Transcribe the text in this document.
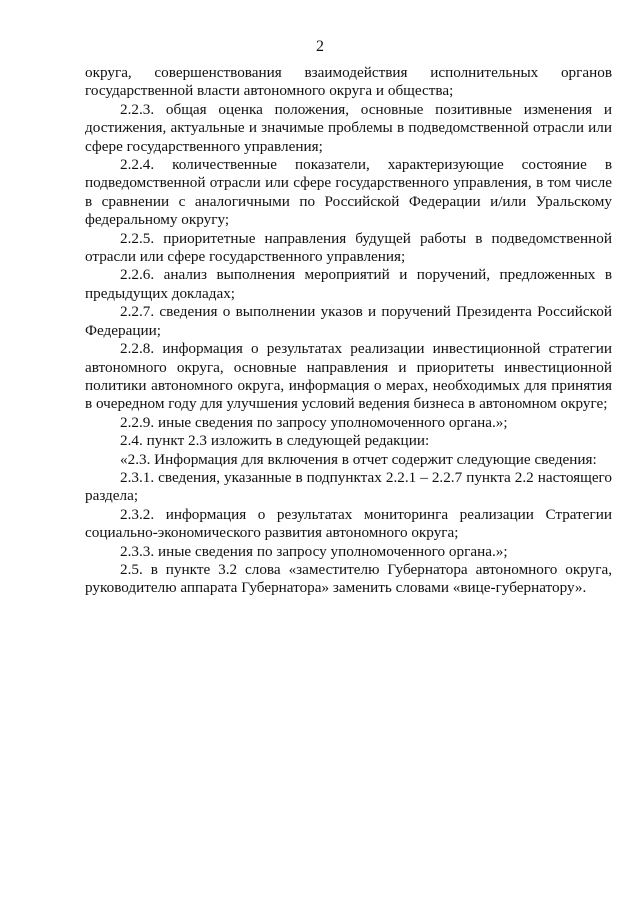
2

округа, совершенствования взаимодействия исполнительных органов государственной власти автономного округа и общества;

2.2.3. общая оценка положения, основные позитивные изменения и достижения, актуальные и значимые проблемы в подведомственной отрасли или сфере государственного управления;

2.2.4. количественные показатели, характеризующие состояние в подведомственной отрасли или сфере государственного управления, в том числе в сравнении с аналогичными по Российской Федерации и/или Уральскому федеральному округу;

2.2.5. приоритетные направления будущей работы в подведомственной отрасли или сфере государственного управления;

2.2.6. анализ выполнения мероприятий и поручений, предложенных в предыдущих докладах;

2.2.7. сведения о выполнении указов и поручений Президента Российской Федерации;

2.2.8. информация о результатах реализации инвестиционной стратегии автономного округа, основные направления и приоритеты инвестиционной политики автономного округа, информация о мерах, необходимых для принятия в очередном году для улучшения условий ведения бизнеса в автономном округе;

2.2.9. иные сведения по запросу уполномоченного органа.»;

2.4. пункт 2.3 изложить в следующей редакции:

«2.3. Информация для включения в отчет содержит следующие сведения:

2.3.1. сведения, указанные в подпунктах 2.2.1 – 2.2.7 пункта 2.2 настоящего раздела;

2.3.2. информация о результатах мониторинга реализации Стратегии социально-экономического развития автономного округа;

2.3.3. иные сведения по запросу уполномоченного органа.»;

2.5. в пункте 3.2 слова «заместителю Губернатора автономного округа, руководителю аппарата Губернатора» заменить словами «вице-губернатору».
